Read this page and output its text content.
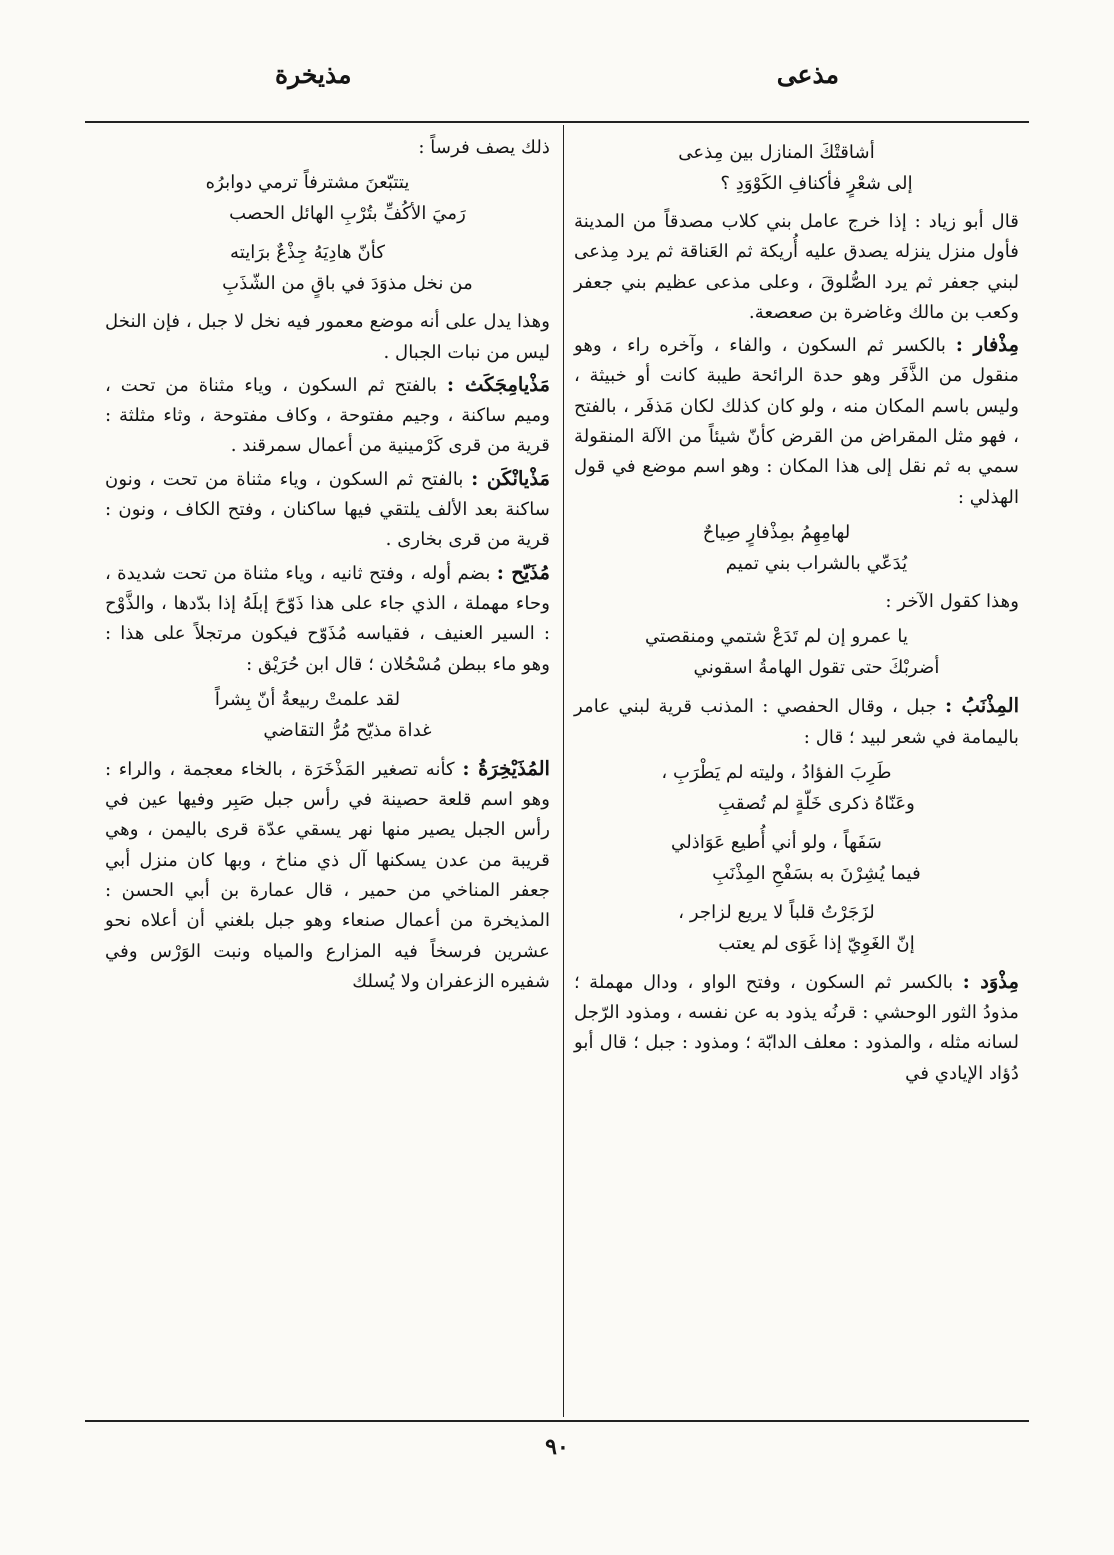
مذعى
مذيخرة
أشاقتْكَ المنازل بين مِذعى
إلى شعْرٍ فأكنافِ الكَوْوَدِ ؟

قال أبو زياد : إذا خرج عامل بني كلاب مصدقاً من المدينة فأول منزل ينزله يصدق عليه أُريكة ثم العَناقة ثم يرد مِذعى لبني جعفر ثم يرد الصُّلوقَ ، وعلى مذعى عظيم بني جعفر وكعب بن مالك وغاضرة بن صعصعة.

مِذْفار : بالكسر ثم السكون ، والفاء ، وآخره راء ، وهو منقول من الذَّفَر وهو حدة الرائحة طيبة كانت أو خبيثة ، وليس باسم المكان منه ، ولو كان كذلك لكان مَذفَر ، بالفتح ، فهو مثل المقراض من القرض كأنّ شيئاً من الآلة المنقولة سمي به ثم نقل إلى هذا المكان : وهو اسم موضع في قول الهذلي :

لهامِهِمُ بمِذْفارٍ صِياحٌ
يُدَعّي بالشراب بني تميم

وهذا كقول الآخر :

يا عمرو إن لم تَدَعْ شتمي ومنقصتي
أضربْكَ حتى تقول الهامةُ اسقوني

المِذْنَبُ : جبل ، وقال الحفصي : المذنب قرية لبني عامر باليمامة في شعر لبيد ؛ قال :

طَرِبَ الفؤادُ ، وليته لم يَطْرَبِ ،
وعَنّاهُ ذكرى خَلّةٍ لم تُصقبِ
سَفَهاً ، ولو أني أُطيع عَوَاذلي
فيما يُشِرْنَ به بسَفْحِ المِذْنَبِ
لزَجَرْتُ قلباً لا يريع لزاجر ،
إنّ الغَوِيّ إذا غَوَى لم يعتب

مِذْوَد : بالكسر ثم السكون ، وفتح الواو ، ودال مهملة ؛ مذودُ الثور الوحشي : قرنُه يذود به عن نفسه ، ومذود الرّجل لسانه مثله ، والمذود : معلف الدابّة ؛ ومذود : جبل ؛ قال أبو دُؤاد الإيادي في

ذلك يصف فرساً :

يتتبّعنَ مشترفاً ترمي دوابرُه
رَميَ الأكُفِّ بتُرْبِ الهائل الحصب
كأنّ هادِيَهُ جِذْعٌ برَايته
من نخل مذوَدَ في باقٍ من الشّذَبِ

وهذا يدل على أنه موضع معمور فيه نخل لا جبل ، فإن النخل ليس من نبات الجبال .

مَذْيامِجَكَث : بالفتح ثم السكون ، وياء مثناة من تحت ، وميم ساكنة ، وجيم مفتوحة ، وكاف مفتوحة ، وثاء مثلثة : قرية من قرى كَرْمينية من أعمال سمرقند .

مَذْيانْكَن : بالفتح ثم السكون ، وياء مثناة من تحت ، ونون ساكنة بعد الألف يلتقي فيها ساكنان ، وفتح الكاف ، ونون : قرية من قرى بخارى .

مُذَيّح : بضم أوله ، وفتح ثانيه ، وياء مثناة من تحت شديدة ، وحاء مهملة ، الذي جاء على هذا ذَوّحَ إبلَهُ إذا بدّدها ، والذَّوْح : السير العنيف ، فقياسه مُذَوّح فيكون مرتجلاً على هذا : وهو ماء ببطن مُسْحُلان ؛ قال ابن حُرَيْق :

لقد علمتْ ربيعةُ أنّ بِشراً
غداة مذيّح مُرُّ التقاضي

المُذَيْخِرَةُ : كأنه تصغير المَذْخَرَة ، بالخاء معجمة ، والراء : وهو اسم قلعة حصينة في رأس جبل صَبِر وفيها عين في رأس الجبل يصير منها نهر يسقي عدّة قرى باليمن ، وهي قريبة من عدن يسكنها آل ذي مناخ ، وبها كان منزل أبي جعفر المناخي من حمير ، قال عمارة بن أبي الحسن : المذيخرة من أعمال صنعاء وهو جبل بلغني أن أعلاه نحو عشرين فرسخاً فيه المزارع والمياه ونبت الوَرْس وفي شفيره الزعفران ولا يُسلك

٩٠
